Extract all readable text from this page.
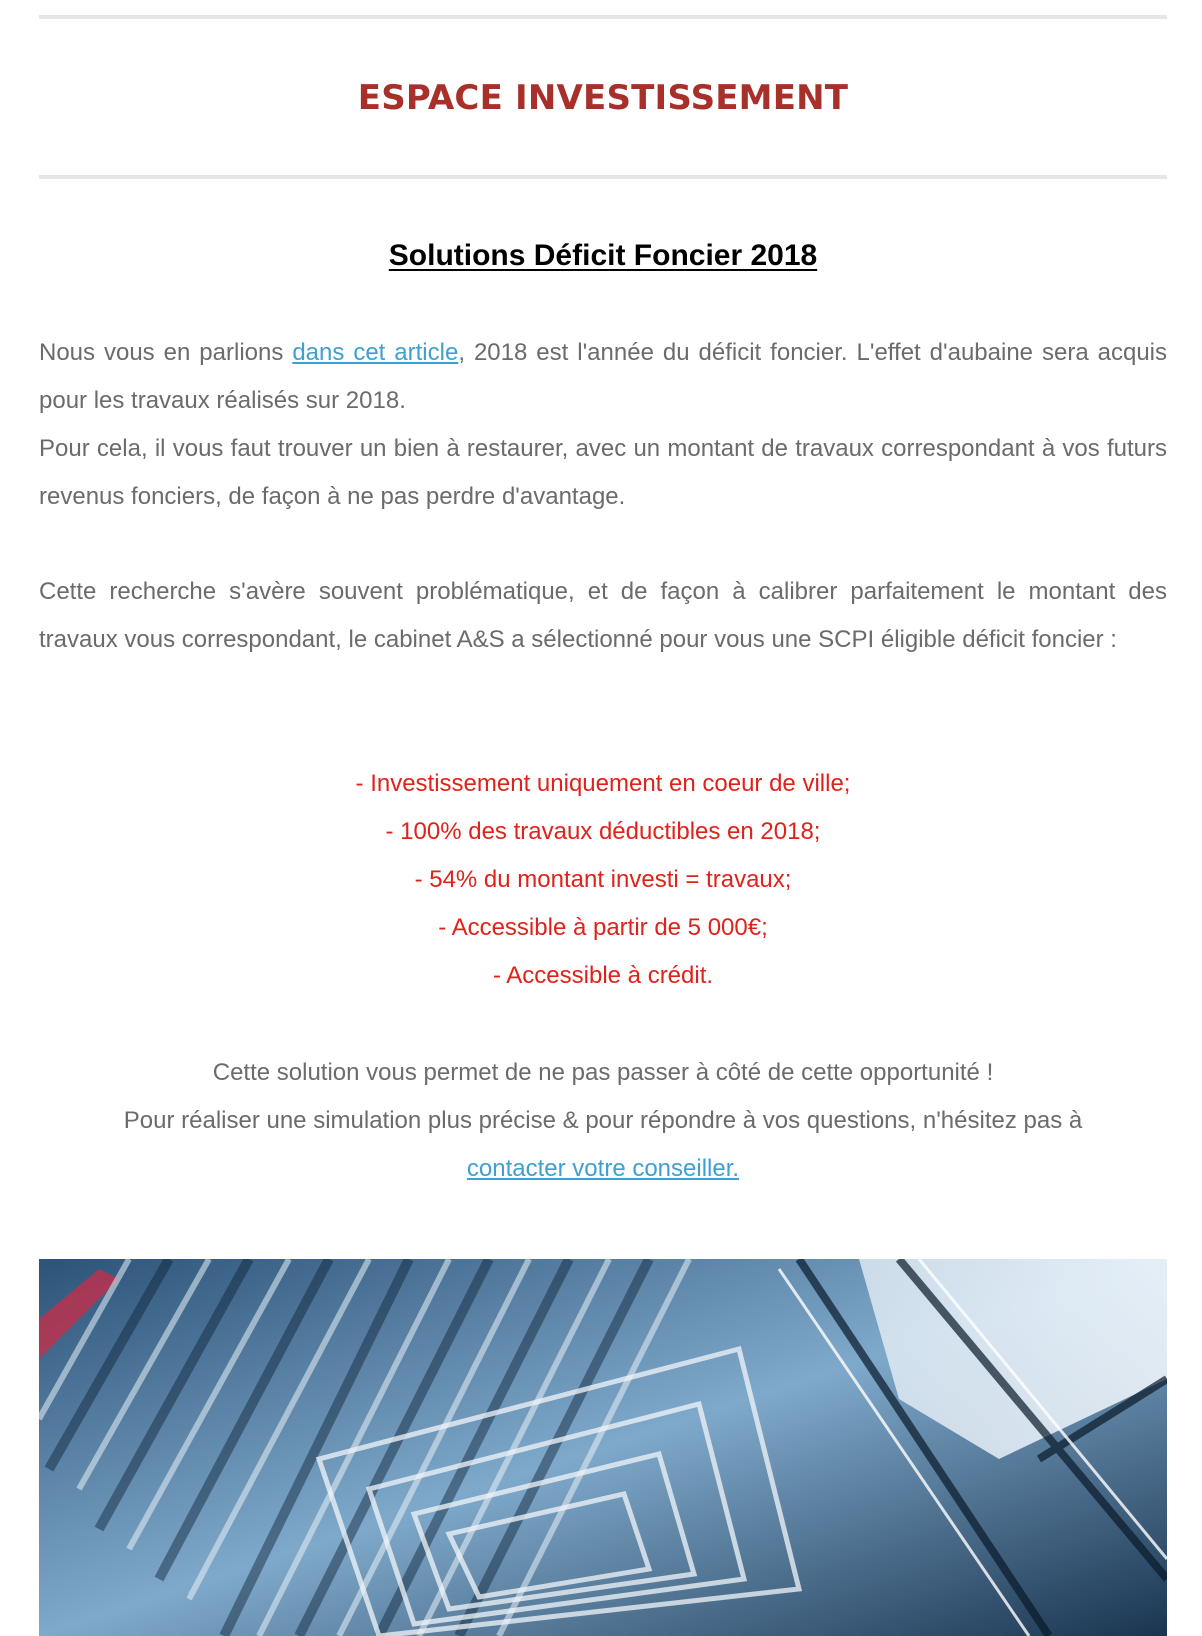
ESPACE INVESTISSEMENT
Solutions Déficit Foncier 2018

Nous vous en parlions dans cet article, 2018 est l'année du déficit foncier. L'effet d'aubaine sera acquis pour les travaux réalisés sur 2018.
Pour cela, il vous faut trouver un bien à restaurer, avec un montant de travaux correspondant à vos futurs revenus fonciers, de façon à ne pas perdre d'avantage.

Cette recherche s'avère souvent problématique, et de façon à calibrer parfaitement le montant des travaux vous correspondant, le cabinet A&S a sélectionné pour vous une SCPI éligible déficit foncier :

- Investissement uniquement en coeur de ville;
- 100% des travaux déductibles en 2018;
- 54% du montant investi = travaux;
- Accessible à partir de 5 000€;
- Accessible à crédit.

Cette solution vous permet de ne pas passer à côté de cette opportunité !
Pour réaliser une simulation plus précise & pour répondre à vos questions, n'hésitez pas à
contacter votre conseiller.
